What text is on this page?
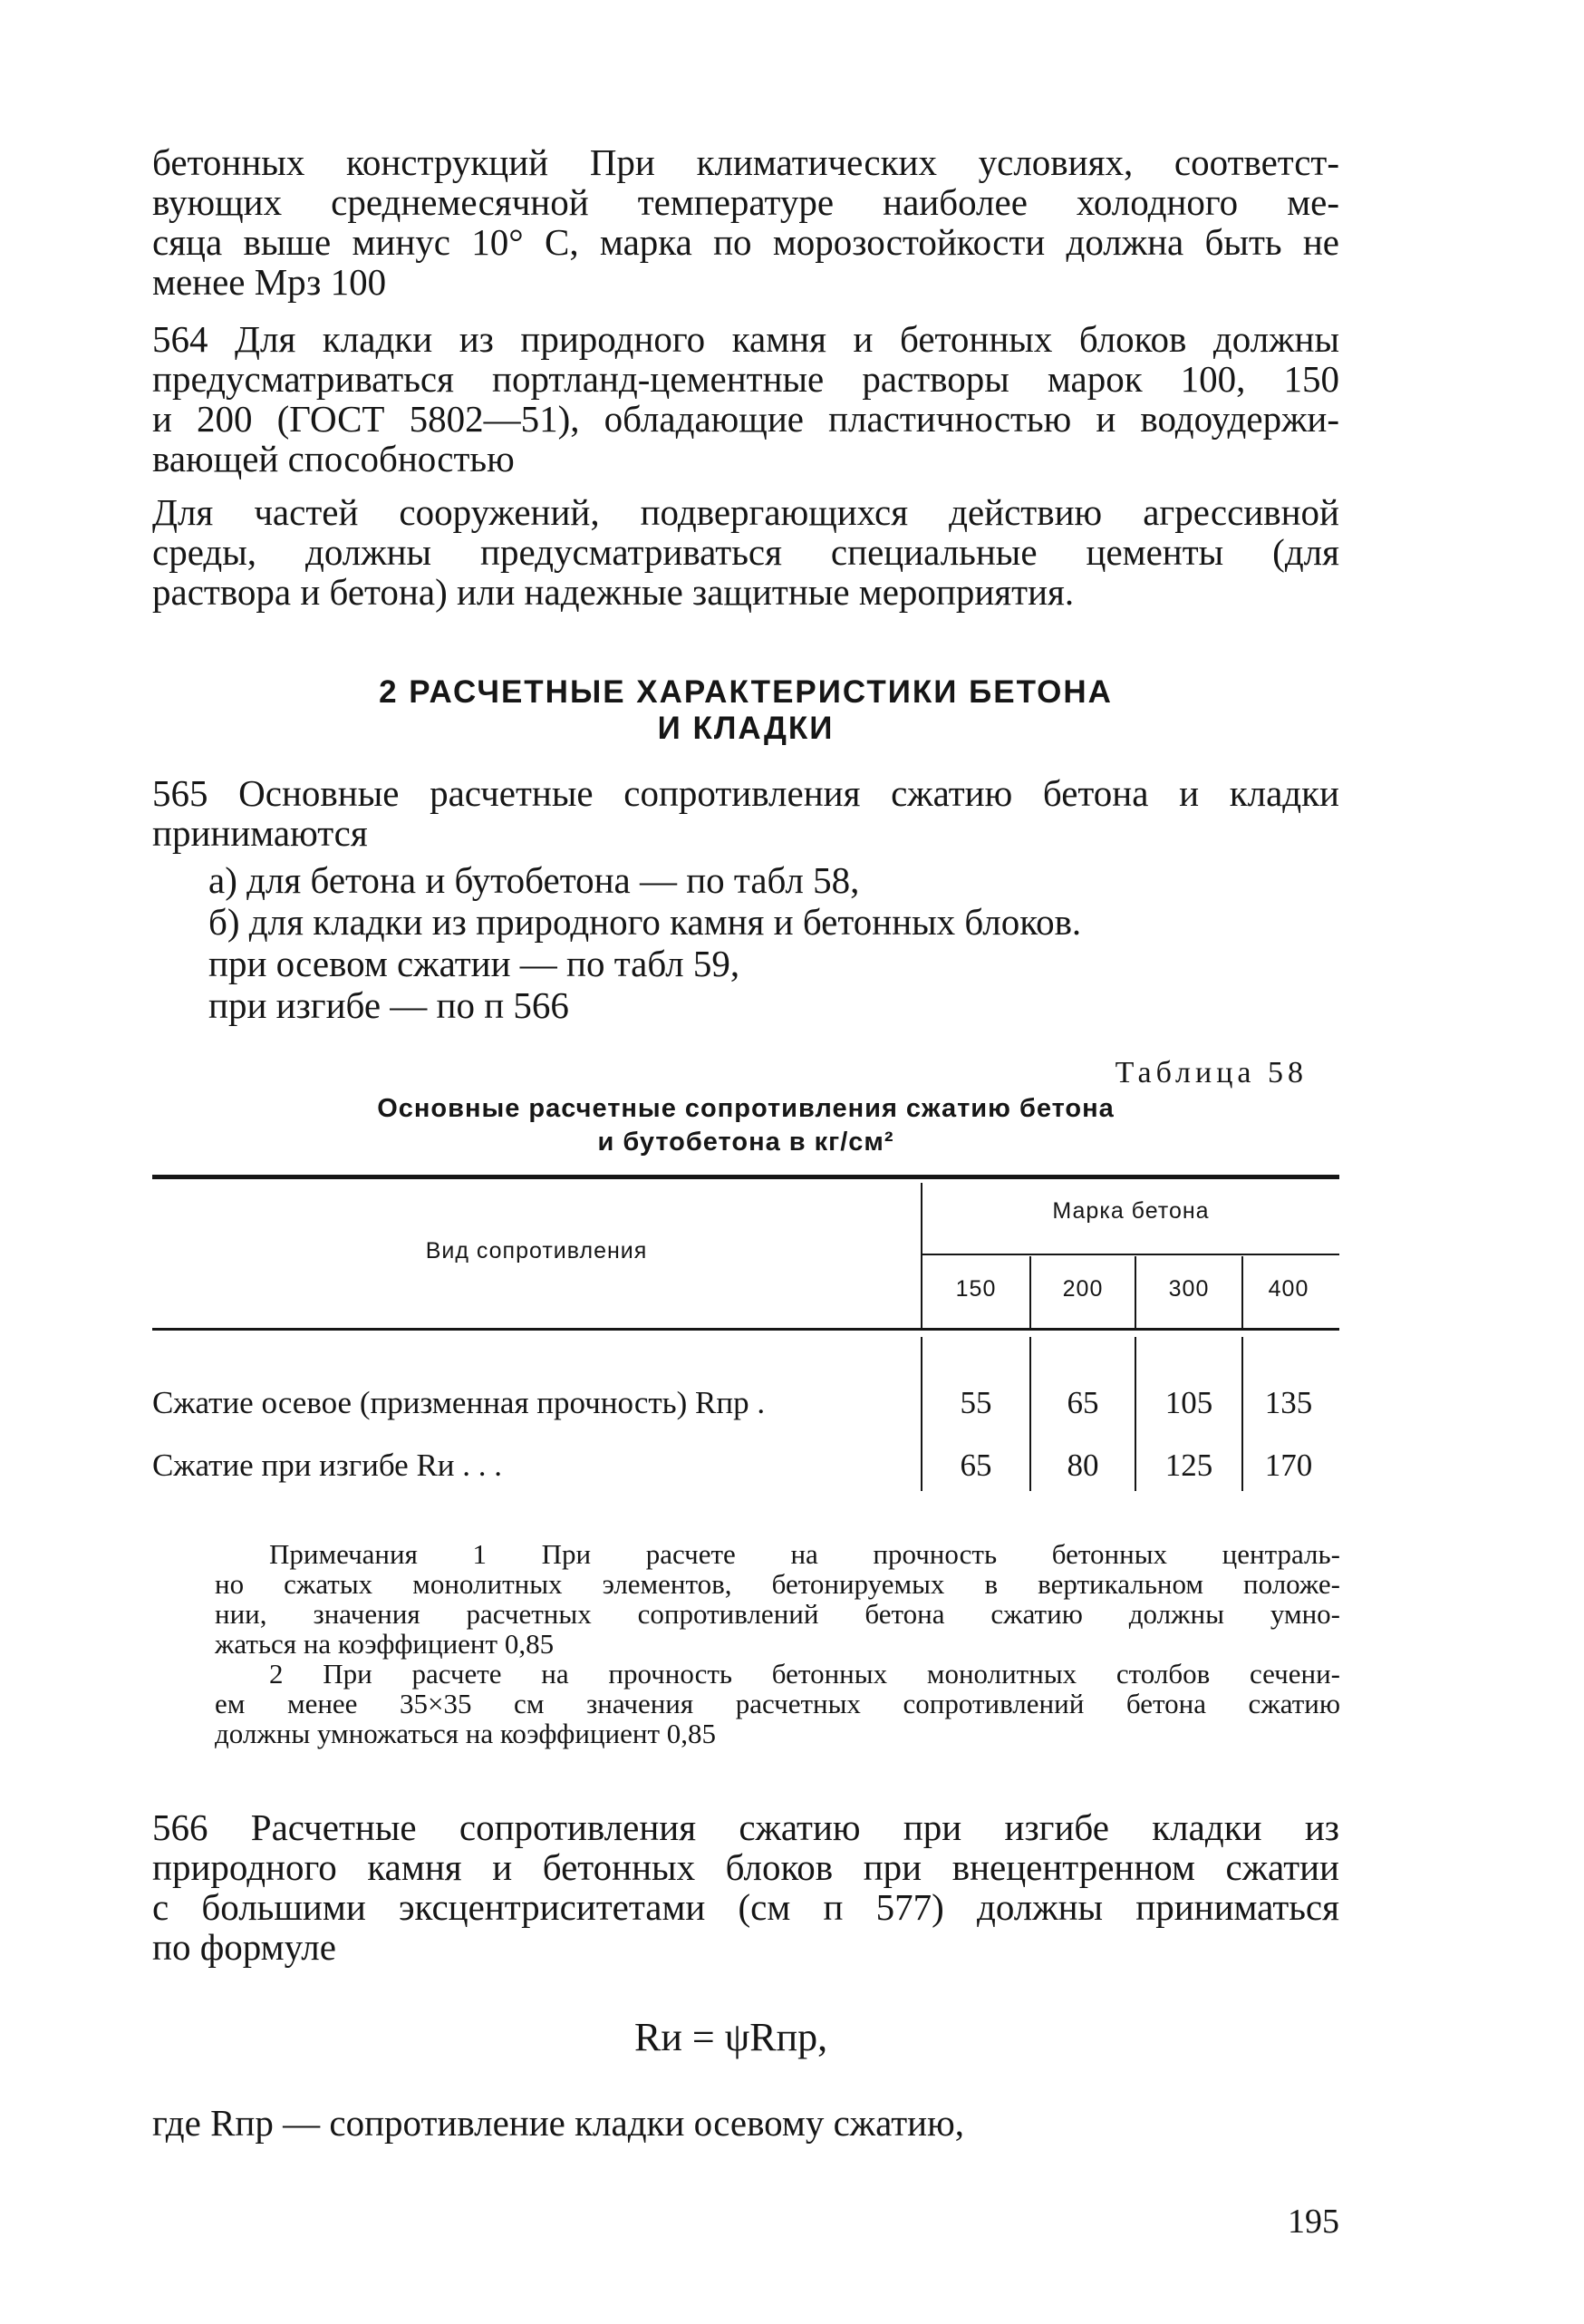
бетонных конструкций При климатических условиях, соответст-
вующих среднемесячной температуре наиболее холодного ме-
сяца выше минус 10° С, марка по морозостойкости должна быть не
менее Мрз 100
564 Для кладки из природного камня и бетонных блоков должны
предусматриваться портланд-цементные растворы марок 100, 150
и 200 (ГОСТ 5802—51), обладающие пластичностью и водоудержи-
вающей способностью
Для частей сооружений, подвергающихся действию агрессивной
среды, должны предусматриваться специальные цементы (для
раствора и бетона) или надежные защитные мероприятия.
2 РАСЧЕТНЫЕ ХАРАКТЕРИСТИКИ БЕТОНА
И КЛАДКИ
565 Основные расчетные сопротивления сжатию бетона и кладки
принимаются
а) для бетона и бутобетона — по табл 58,
б) для кладки из природного камня и бетонных блоков.
при осевом сжатии — по табл 59,
при изгибе — по п 566
Таблица 58
Основные расчетные сопротивления сжатию бетона
и бутобетона в кг/см²
Вид сопротивления
Марка бетона
150	200	300	400
Сжатие осевое (призменная прочность) Rпр .	55	65	105	135
Сжатие при изгибе Rи . . .	65	80	125	170
Примечания 1 При расчете на прочность бетонных централь-
но сжатых монолитных элементов, бетонируемых в вертикальном положе-
нии, значения расчетных сопротивлений бетона сжатию должны умно-
жаться на коэффициент 0,85
2 При расчете на прочность бетонных монолитных столбов сечени-
ем менее 35×35 см значения расчетных сопротивлений бетона сжатию
должны умножаться на коэффициент 0,85
566 Расчетные сопротивления сжатию при изгибе кладки из
природного камня и бетонных блоков при внецентренном сжатии
с большими эксцентриситетами (см п 577) должны приниматься
по формуле
Rи = ψRпр,
где Rпр — сопротивление кладки осевому сжатию,
195
